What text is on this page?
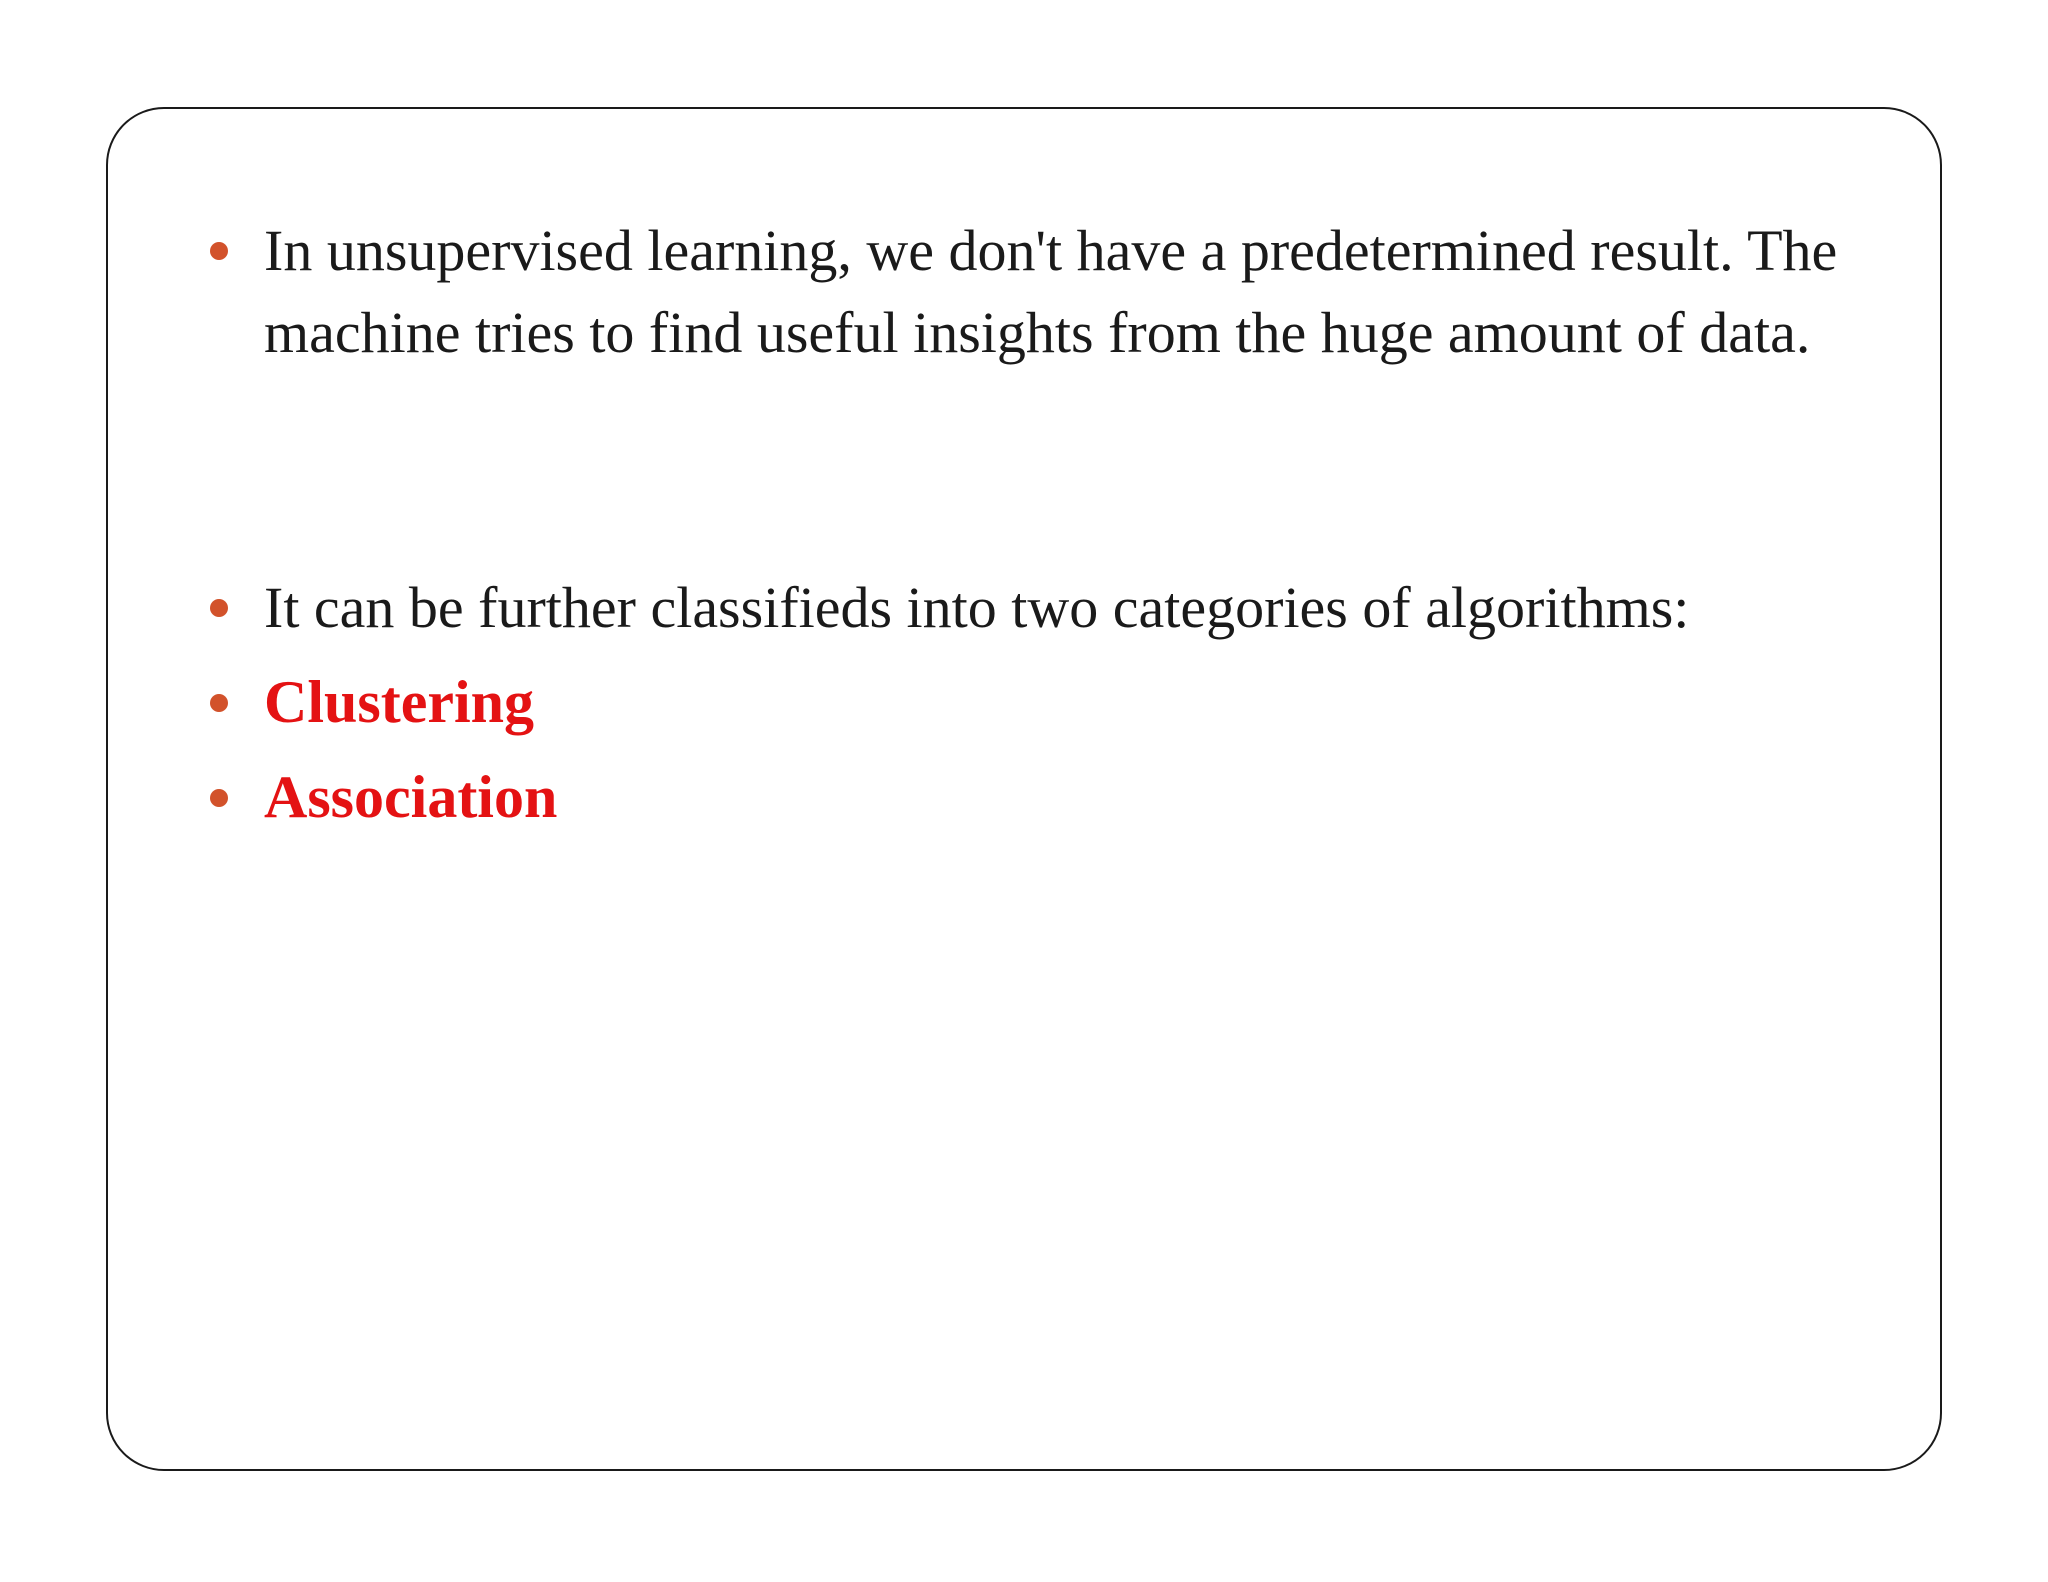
In unsupervised learning, we don't have a predetermined result. The machine tries to find useful insights from the huge amount of data.
It can be further classifieds into two categories of algorithms:
Clustering
Association
